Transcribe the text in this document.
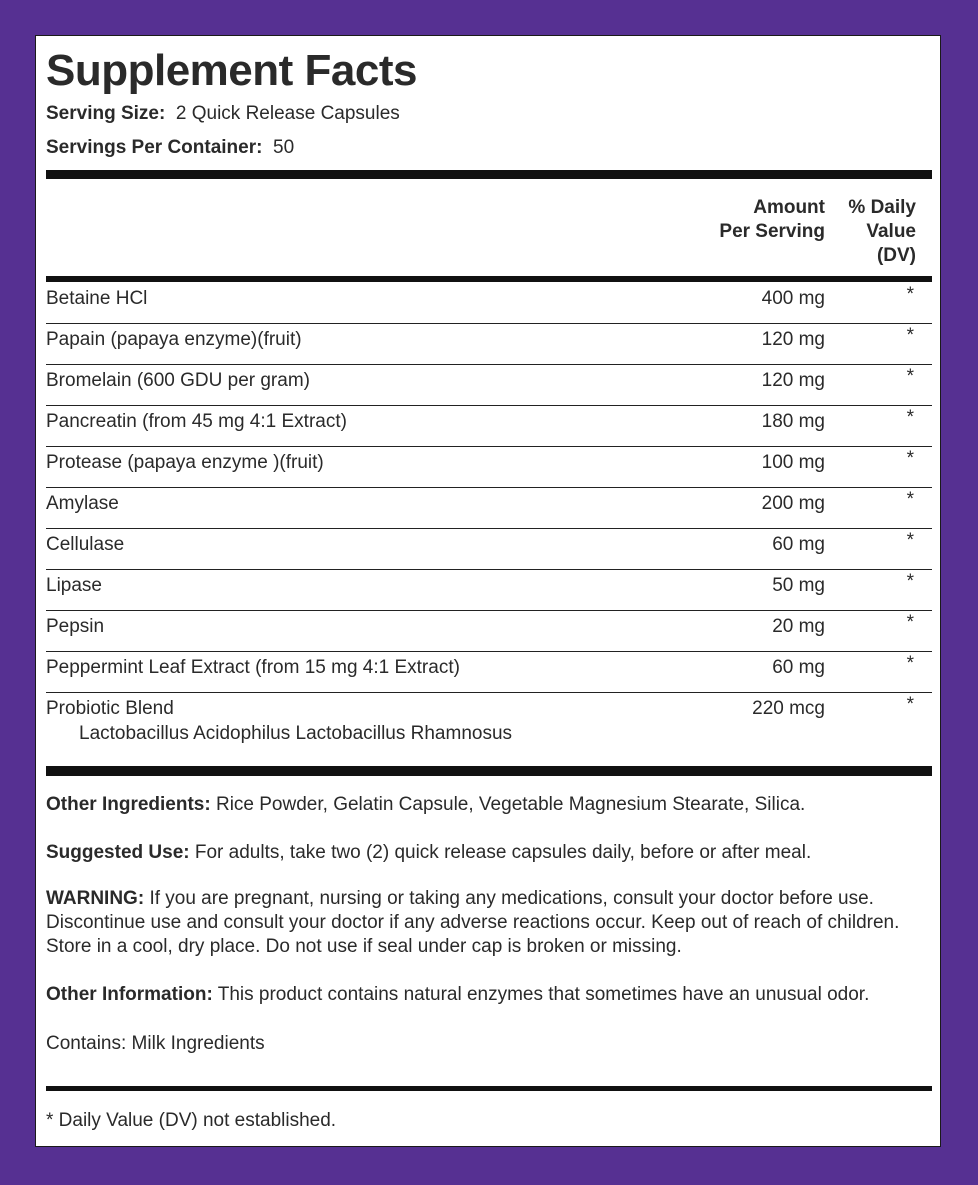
Supplement Facts
Serving Size: 2 Quick Release Capsules
Servings Per Container: 50
Amount
Per Serving
% Daily
Value
(DV)
Betaine HCl	400 mg	*
Papain (papaya enzyme)(fruit)	120 mg	*
Bromelain (600 GDU per gram)	120 mg	*
Pancreatin (from 45 mg 4:1 Extract)	180 mg	*
Protease (papaya enzyme )(fruit)	100 mg	*
Amylase	200 mg	*
Cellulase	60 mg	*
Lipase	50 mg	*
Pepsin	20 mg	*
Peppermint Leaf Extract (from 15 mg 4:1 Extract)	60 mg	*
Probiotic Blend	220 mcg	*
Lactobacillus Acidophilus Lactobacillus Rhamnosus
Other Ingredients: Rice Powder, Gelatin Capsule, Vegetable Magnesium Stearate, Silica.
Suggested Use: For adults, take two (2) quick release capsules daily, before or after meal.
WARNING: If you are pregnant, nursing or taking any medications, consult your doctor before use. Discontinue use and consult your doctor if any adverse reactions occur. Keep out of reach of children. Store in a cool, dry place. Do not use if seal under cap is broken or missing.
Other Information: This product contains natural enzymes that sometimes have an unusual odor.
Contains: Milk Ingredients
* Daily Value (DV) not established.
